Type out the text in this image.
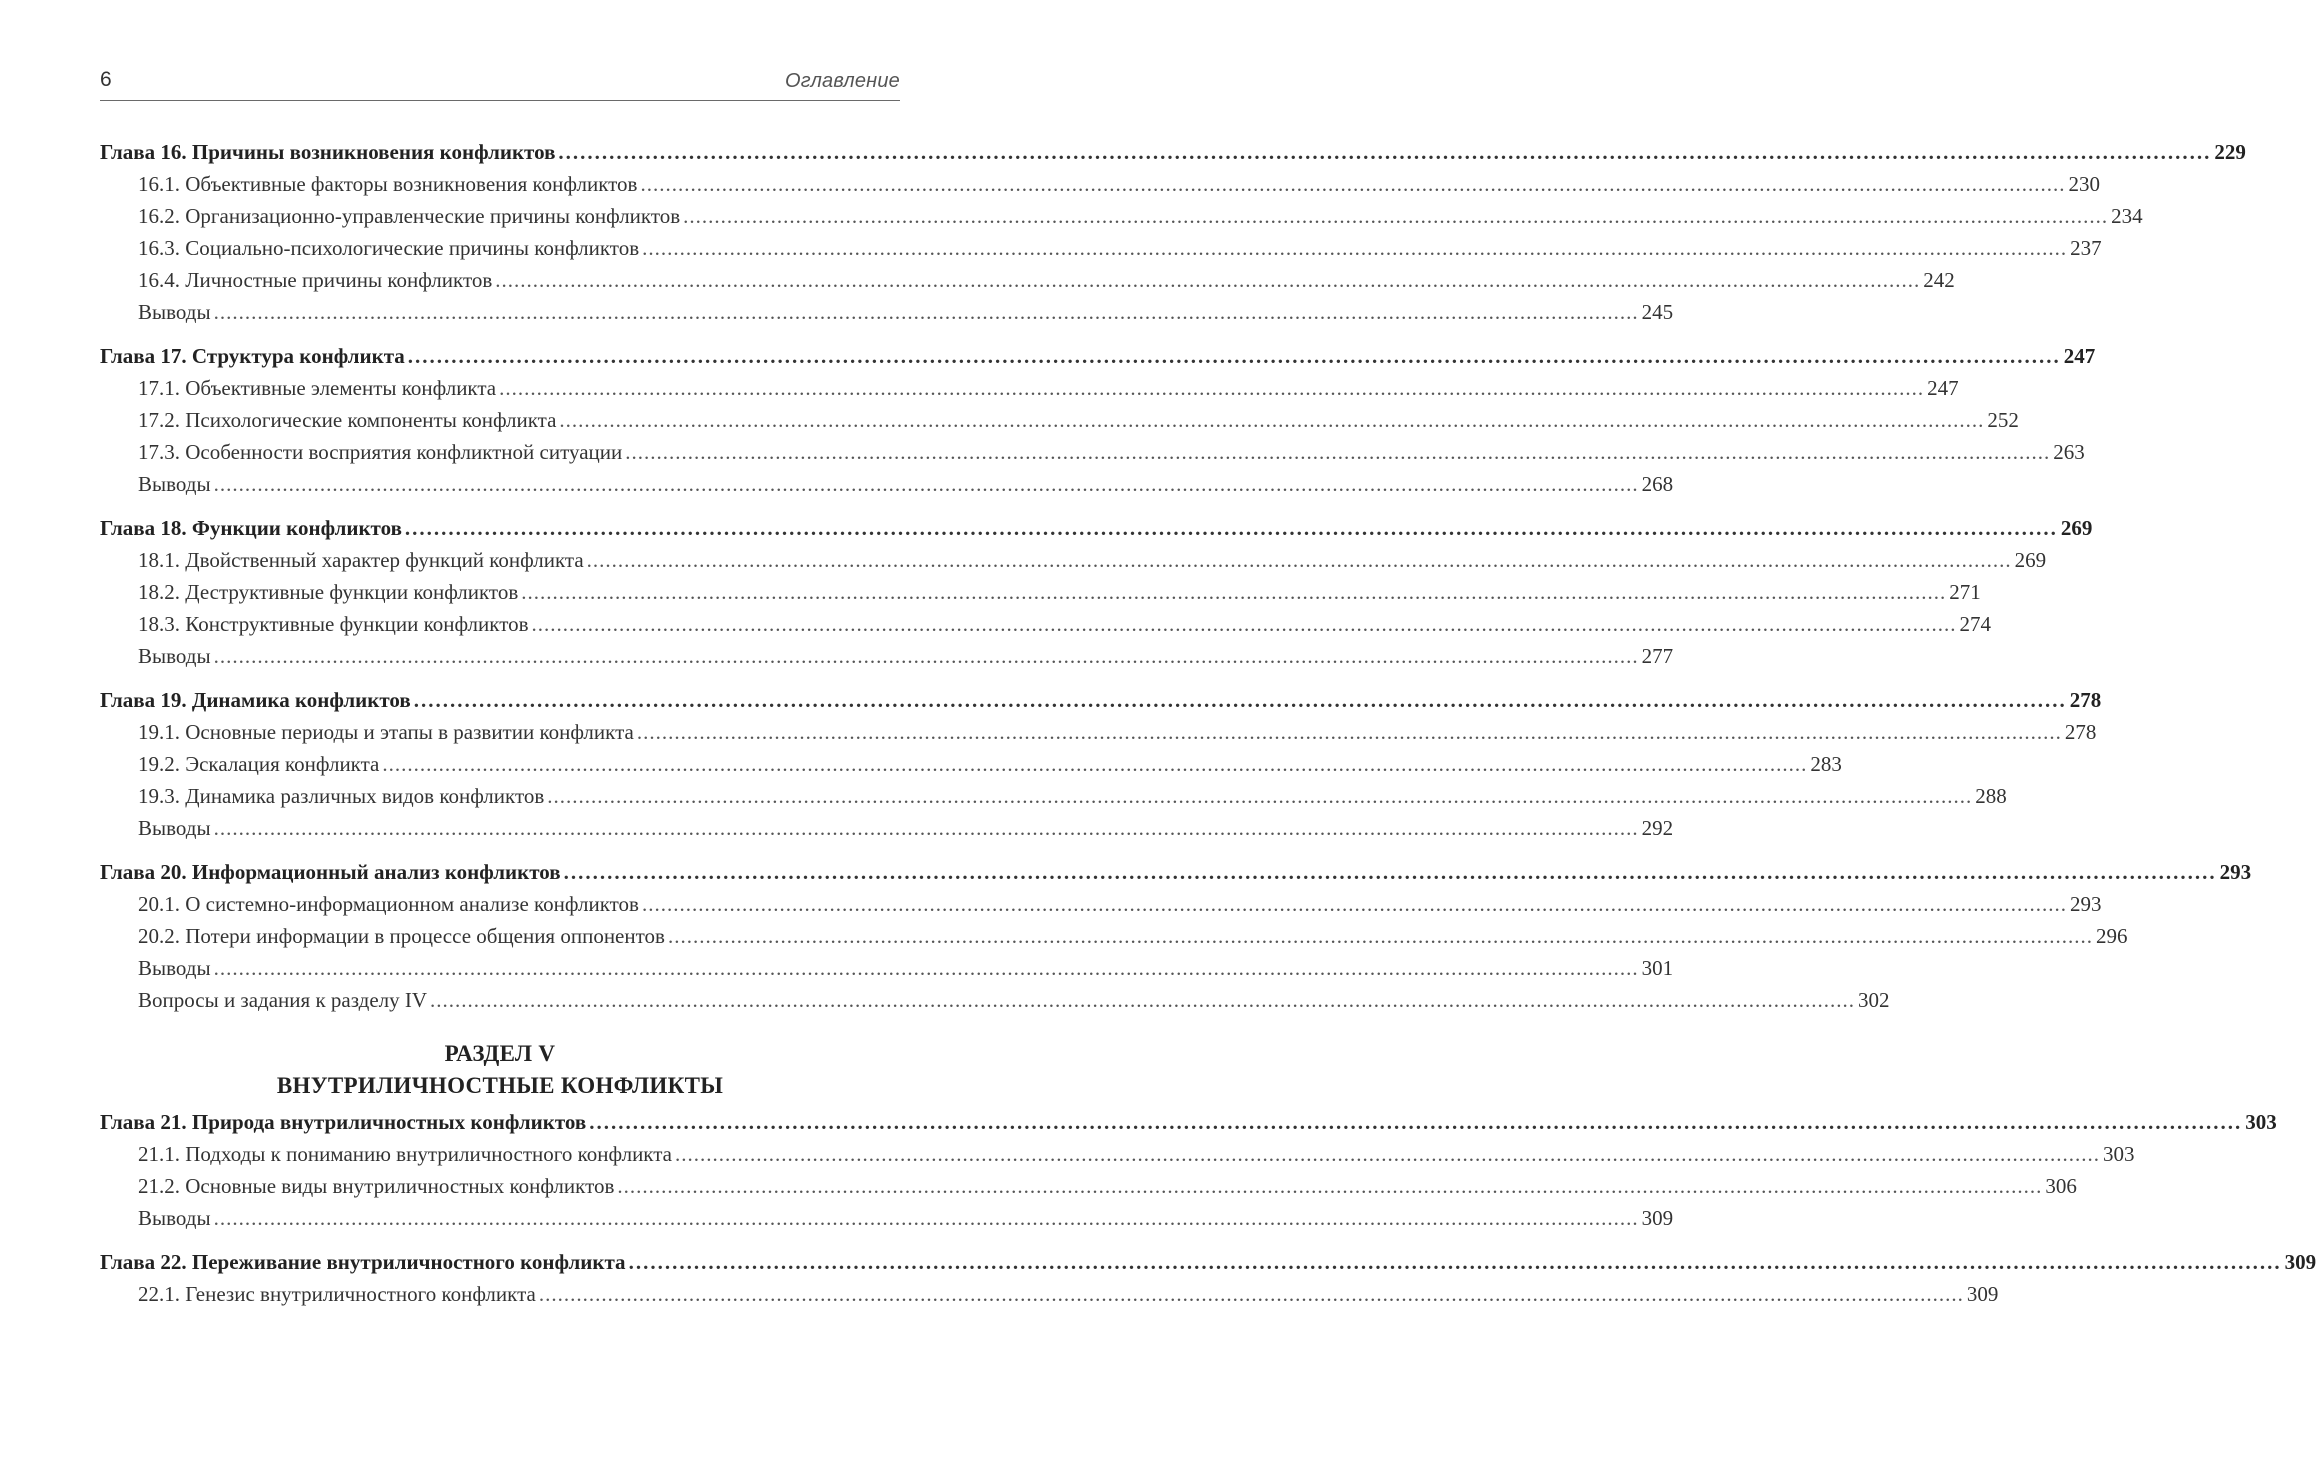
6	Оглавление
Глава 16. Причины возникновения конфликтов .................................................................................................................................................................................................................................... 229
16.1. Объективные факторы возникновения конфликтов .................................................................................................................................................................................................................................... 230
16.2. Организационно-управленческие причины конфликтов .................................................................................................................................................................................................................................... 234
16.3. Социально-психологические причины конфликтов .................................................................................................................................................................................................................................... 237
16.4. Личностные причины конфликтов .................................................................................................................................................................................................................................... 242
Выводы .................................................................................................................................................................................................................................... 245
Глава 17. Структура конфликта .................................................................................................................................................................................................................................... 247
17.1. Объективные элементы конфликта .................................................................................................................................................................................................................................... 247
17.2. Психологические компоненты конфликта .................................................................................................................................................................................................................................... 252
17.3. Особенности восприятия конфликтной ситуации .................................................................................................................................................................................................................................... 263
Выводы .................................................................................................................................................................................................................................... 268
Глава 18. Функции конфликтов .................................................................................................................................................................................................................................... 269
18.1. Двойственный характер функций конфликта .................................................................................................................................................................................................................................... 269
18.2. Деструктивные функции конфликтов .................................................................................................................................................................................................................................... 271
18.3. Конструктивные функции конфликтов .................................................................................................................................................................................................................................... 274
Выводы .................................................................................................................................................................................................................................... 277
Глава 19. Динамика конфликтов .................................................................................................................................................................................................................................... 278
19.1. Основные периоды и этапы в развитии конфликта .................................................................................................................................................................................................................................... 278
19.2. Эскалация конфликта .................................................................................................................................................................................................................................... 283
19.3. Динамика различных видов конфликтов .................................................................................................................................................................................................................................... 288
Выводы .................................................................................................................................................................................................................................... 292
Глава 20. Информационный анализ конфликтов .................................................................................................................................................................................................................................... 293
20.1. О системно-информационном анализе конфликтов .................................................................................................................................................................................................................................... 293
20.2. Потери информации в процессе общения оппонентов .................................................................................................................................................................................................................................... 296
Выводы .................................................................................................................................................................................................................................... 301
Вопросы и задания к разделу IV .................................................................................................................................................................................................................................... 302
РАЗДЕЛ V
ВНУТРИЛИЧНОСТНЫЕ КОНФЛИКТЫ
Глава 21. Природа внутриличностных конфликтов .................................................................................................................................................................................................................................... 303
21.1. Подходы к пониманию внутриличностного конфликта .................................................................................................................................................................................................................................... 303
21.2. Основные виды внутриличностных конфликтов .................................................................................................................................................................................................................................... 306
Выводы .................................................................................................................................................................................................................................... 309
Глава 22. Переживание внутриличностного конфликта .................................................................................................................................................................................................................................... 309
22.1. Генезис внутриличностного конфликта .................................................................................................................................................................................................................................... 309
